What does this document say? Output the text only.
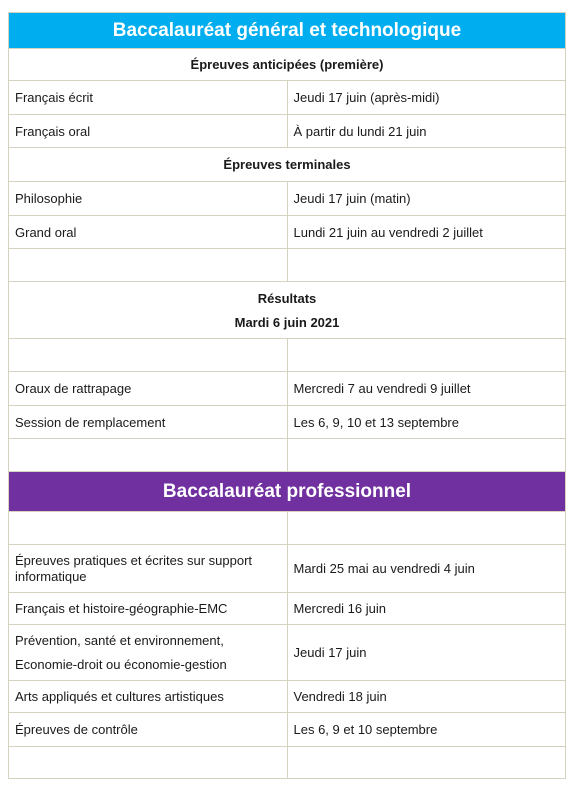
Baccalauréat général et technologique	
Épreuves anticipées (première)	
Français écrit	Jeudi 17 juin (après-midi)
Français oral	À partir du lundi 21 juin
Épreuves terminales	
Philosophie	Jeudi 17 juin (matin)
Grand oral	Lundi 21 juin au vendredi 2 juillet

Résultats
Mardi 6 juin 2021	

Oraux de rattrapage	Mercredi 7 au vendredi 9 juillet
Session de remplacement	Les 6, 9, 10 et 13 septembre

Baccalauréat professionnel	

Épreuves pratiques et écrites sur support informatique	Mardi 25 mai au vendredi 4 juin
Français et histoire-géographie-EMC	Mercredi 16 juin

Prévention, santé et environnement,
Economie-droit ou économie-gestion	Jeudi 17 juin
Arts appliqués et cultures artistiques	Vendredi 18 juin
Épreuves de contrôle	Les 6, 9 et 10 septembre
